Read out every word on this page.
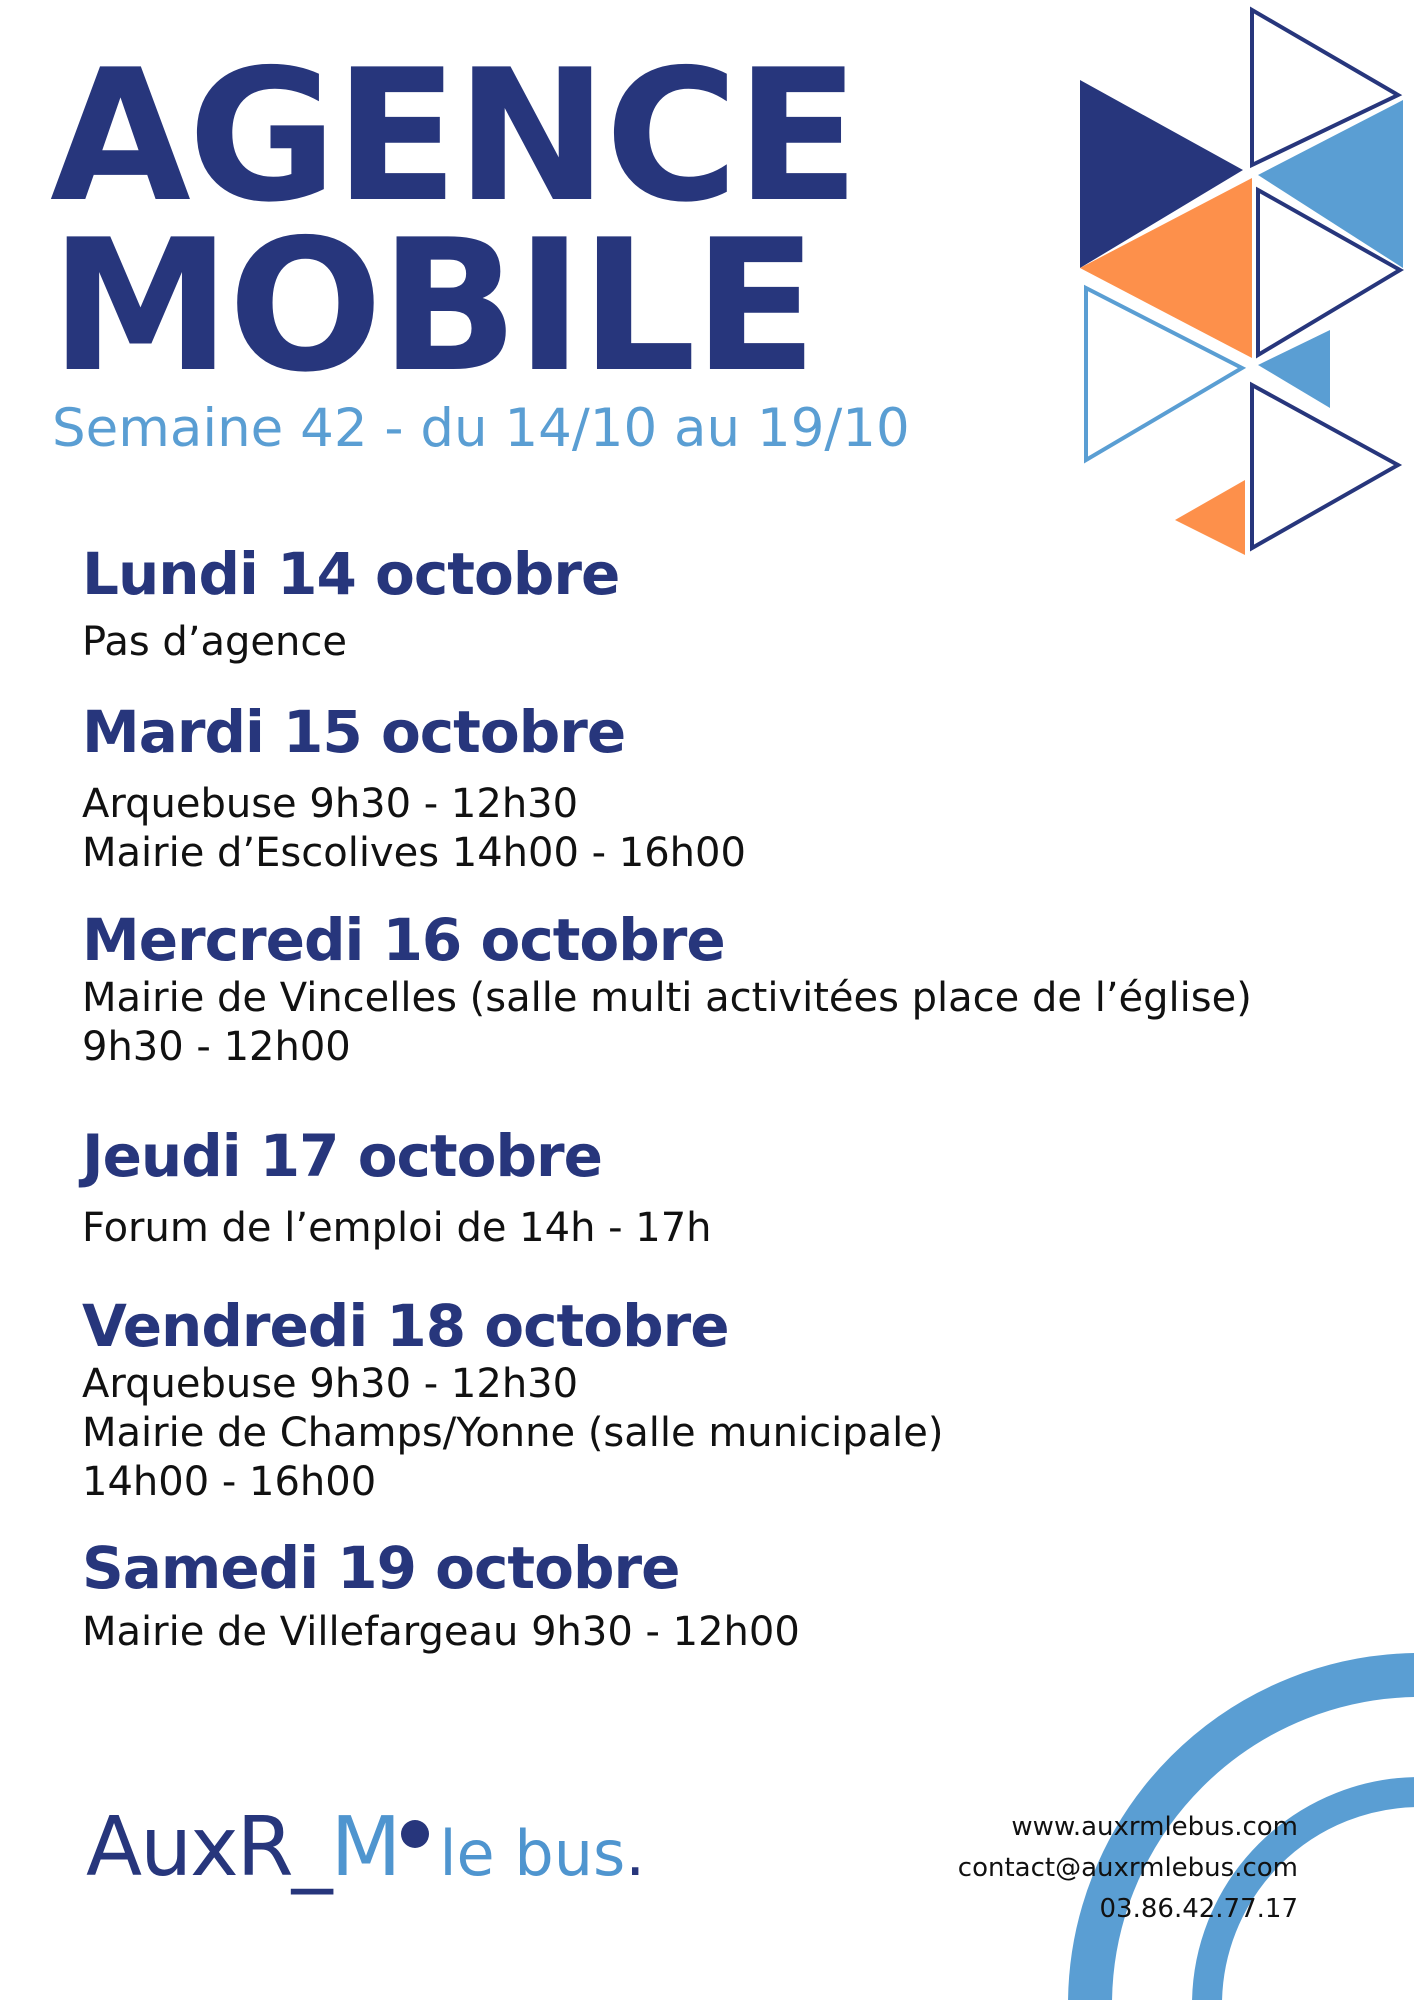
AGENCE
MOBILE

Semaine 42 - du 14/10 au 19/10

Lundi 14 octobre
Pas d’agence
Mardi 15 octobre
Arquebuse 9h30 - 12h30
Mairie d’Escolives 14h00 - 16h00
Mercredi 16 octobre
Mairie de Vincelles (salle multi activitées place de l’église)
9h30 - 12h00
Jeudi 17 octobre
Forum de l’emploi de 14h - 17h
Vendredi 18 octobre
Arquebuse 9h30 - 12h30
Mairie de Champs/Yonne (salle municipale)
14h00 - 16h00
Samedi 19 octobre
Mairie de Villefargeau 9h30 - 12h00
AuxR_M le bus.	www.auxrmlebus.com
contact@auxrmlebus.com
03.86.42.77.17
